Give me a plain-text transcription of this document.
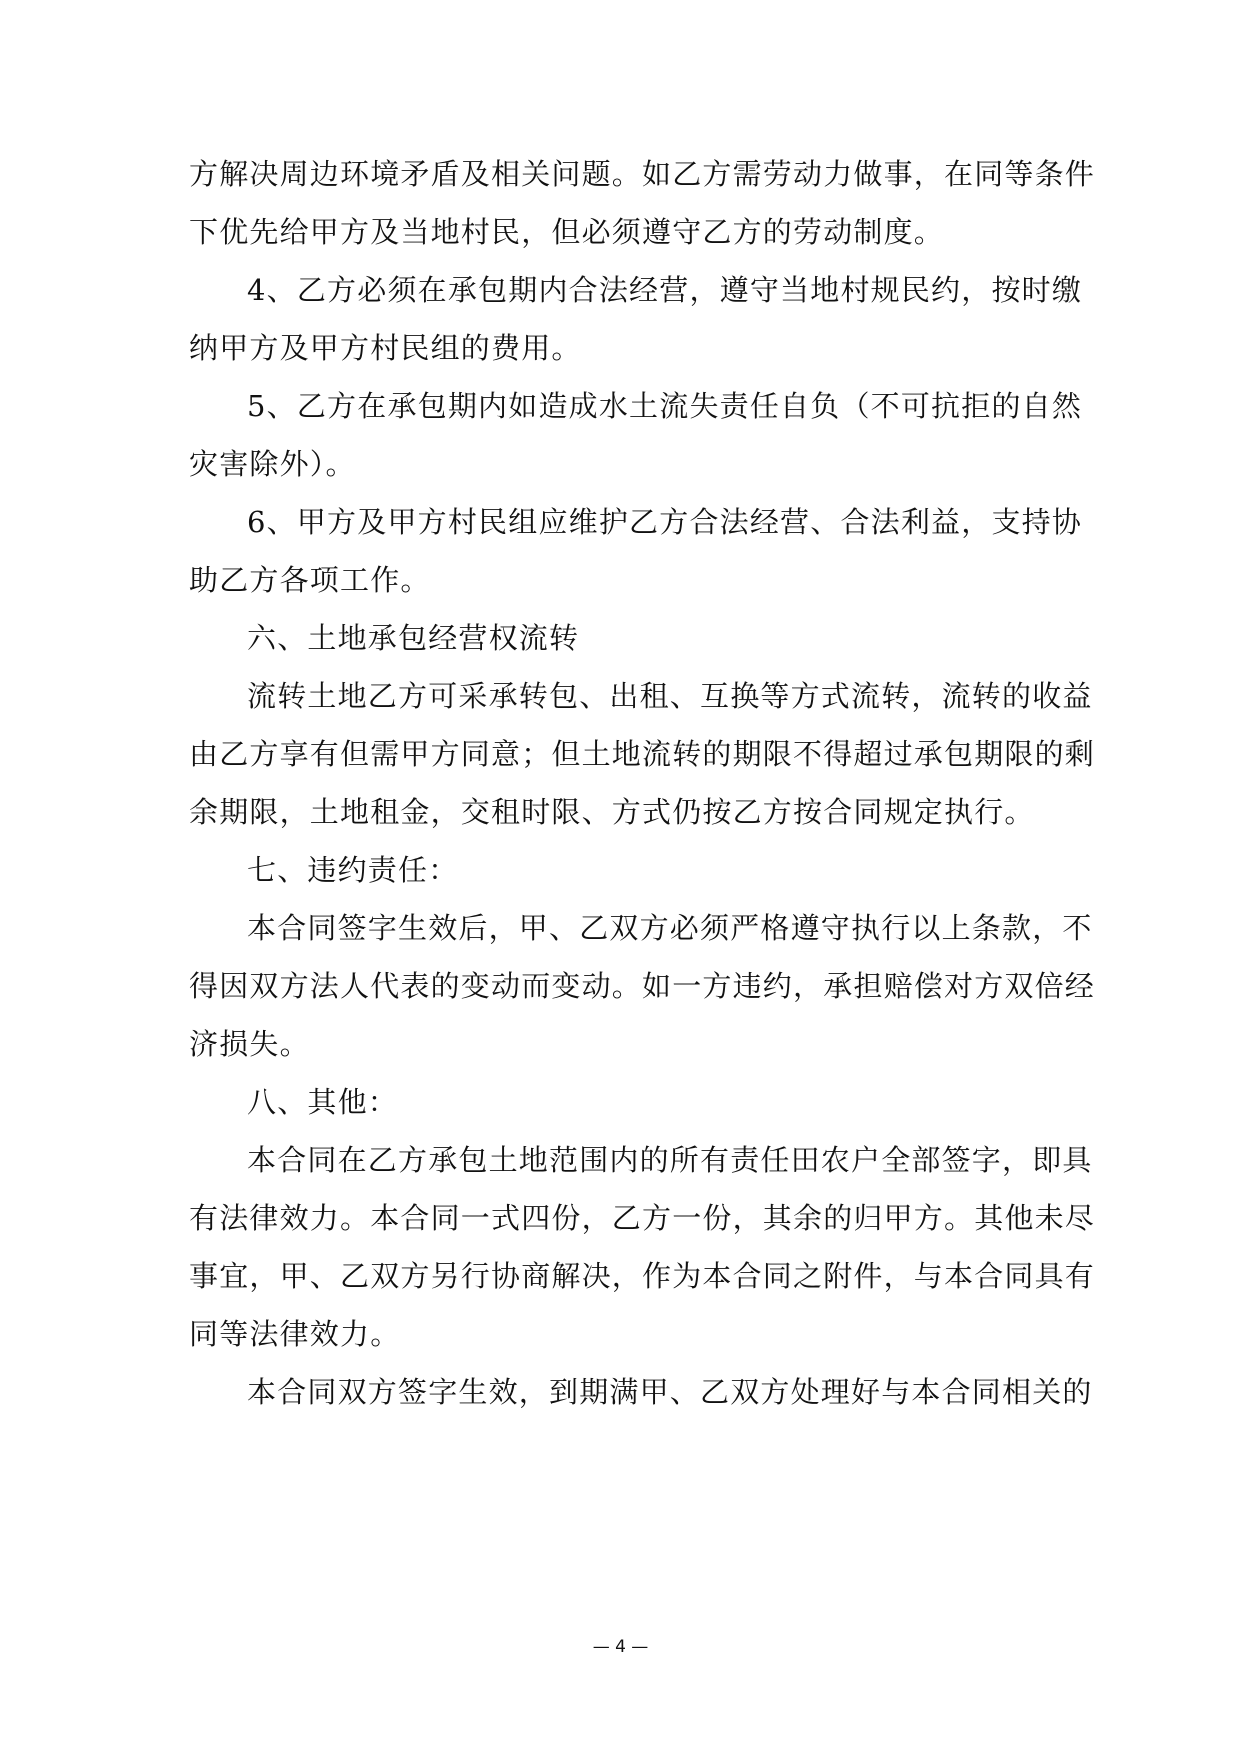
方解决周边环境矛盾及相关问题。如乙方需劳动力做事，在同等条件
下优先给甲方及当地村民，但必须遵守乙方的劳动制度。
4、乙方必须在承包期内合法经营，遵守当地村规民约，按时缴
纳甲方及甲方村民组的费用。
5、乙方在承包期内如造成水土流失责任自负（不可抗拒的自然
灾害除外）。
6、甲方及甲方村民组应维护乙方合法经营、合法利益，支持协
助乙方各项工作。
六、土地承包经营权流转
流转土地乙方可采承转包、出租、互换等方式流转，流转的收益
由乙方享有但需甲方同意；但土地流转的期限不得超过承包期限的剩
余期限，土地租金，交租时限、方式仍按乙方按合同规定执行。
七、违约责任：
本合同签字生效后，甲、乙双方必须严格遵守执行以上条款，不
得因双方法人代表的变动而变动。如一方违约，承担赔偿对方双倍经
济损失。
八、其他：
本合同在乙方承包土地范围内的所有责任田农户全部签字，即具
有法律效力。本合同一式四份，乙方一份，其余的归甲方。其他未尽
事宜，甲、乙双方另行协商解决，作为本合同之附件，与本合同具有
同等法律效力。
本合同双方签字生效，到期满甲、乙双方处理好与本合同相关的
— 4 —
